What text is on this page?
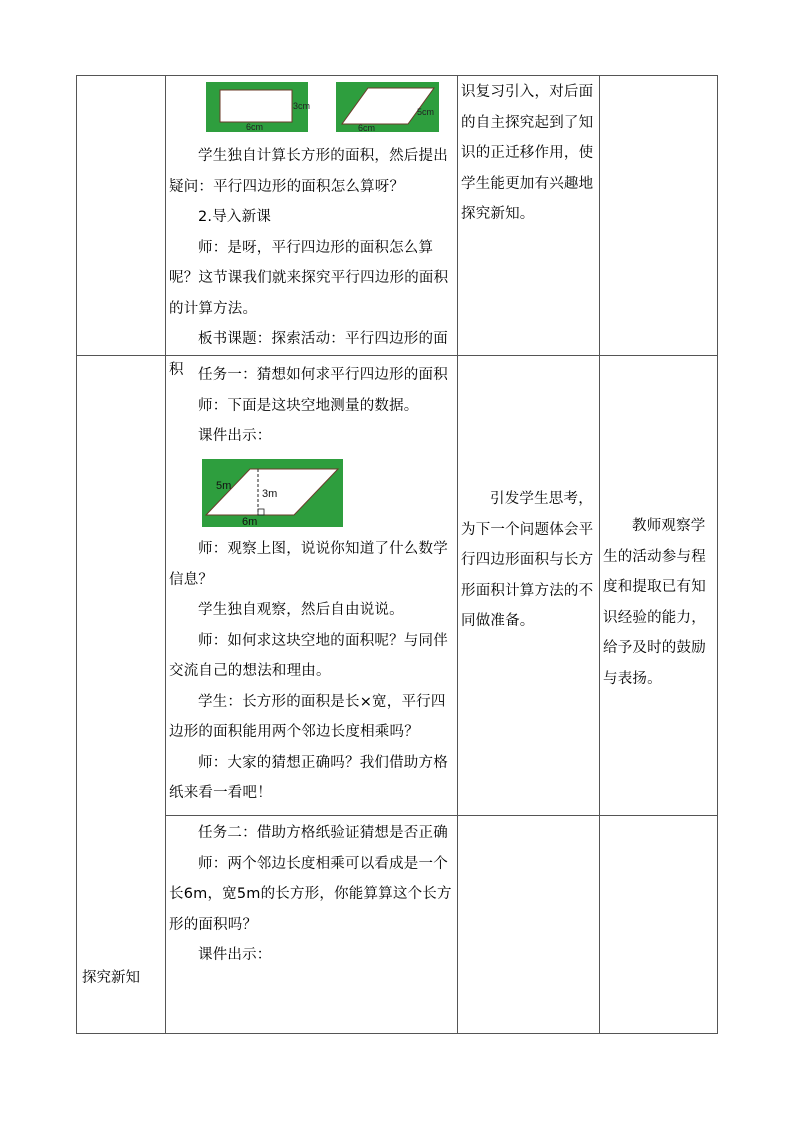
3cm
6cm
5cm
6cm

学生独自计算长方形的面积，然后提出疑问：平行四边形的面积怎么算呀？

2.导入新课

师：是呀，平行四边形的面积怎么算呢？这节课我们就来探究平行四边形的面积的计算方法。

板书课题：探索活动：平行四边形的面积

识复习引入，对后面的自主探究起到了知识的正迁移作用，使学生能更加有兴趣地探究新知。

任务一：猜想如何求平行四边形的面积

师：下面是这块空地测量的数据。

课件出示：

5m
3m
6m

师：观察上图，说说你知道了什么数学信息？

学生独自观察，然后自由说说。

师：如何求这块空地的面积呢？与同伴交流自己的想法和理由。

学生：长方形的面积是长×宽，平行四边形的面积能用两个邻边长度相乘吗？

师：大家的猜想正确吗？我们借助方格纸来看一看吧！

引发学生思考，为下一个问题体会平行四边形面积与长方形面积计算方法的不同做准备。

教师观察学生的活动参与程度和提取已有知识经验的能力，给予及时的鼓励与表扬。

任务二：借助方格纸验证猜想是否正确

师：两个邻边长度相乘可以看成是一个长6m，宽5m的长方形，你能算算这个长方形的面积吗？

课件出示：

探究新知
